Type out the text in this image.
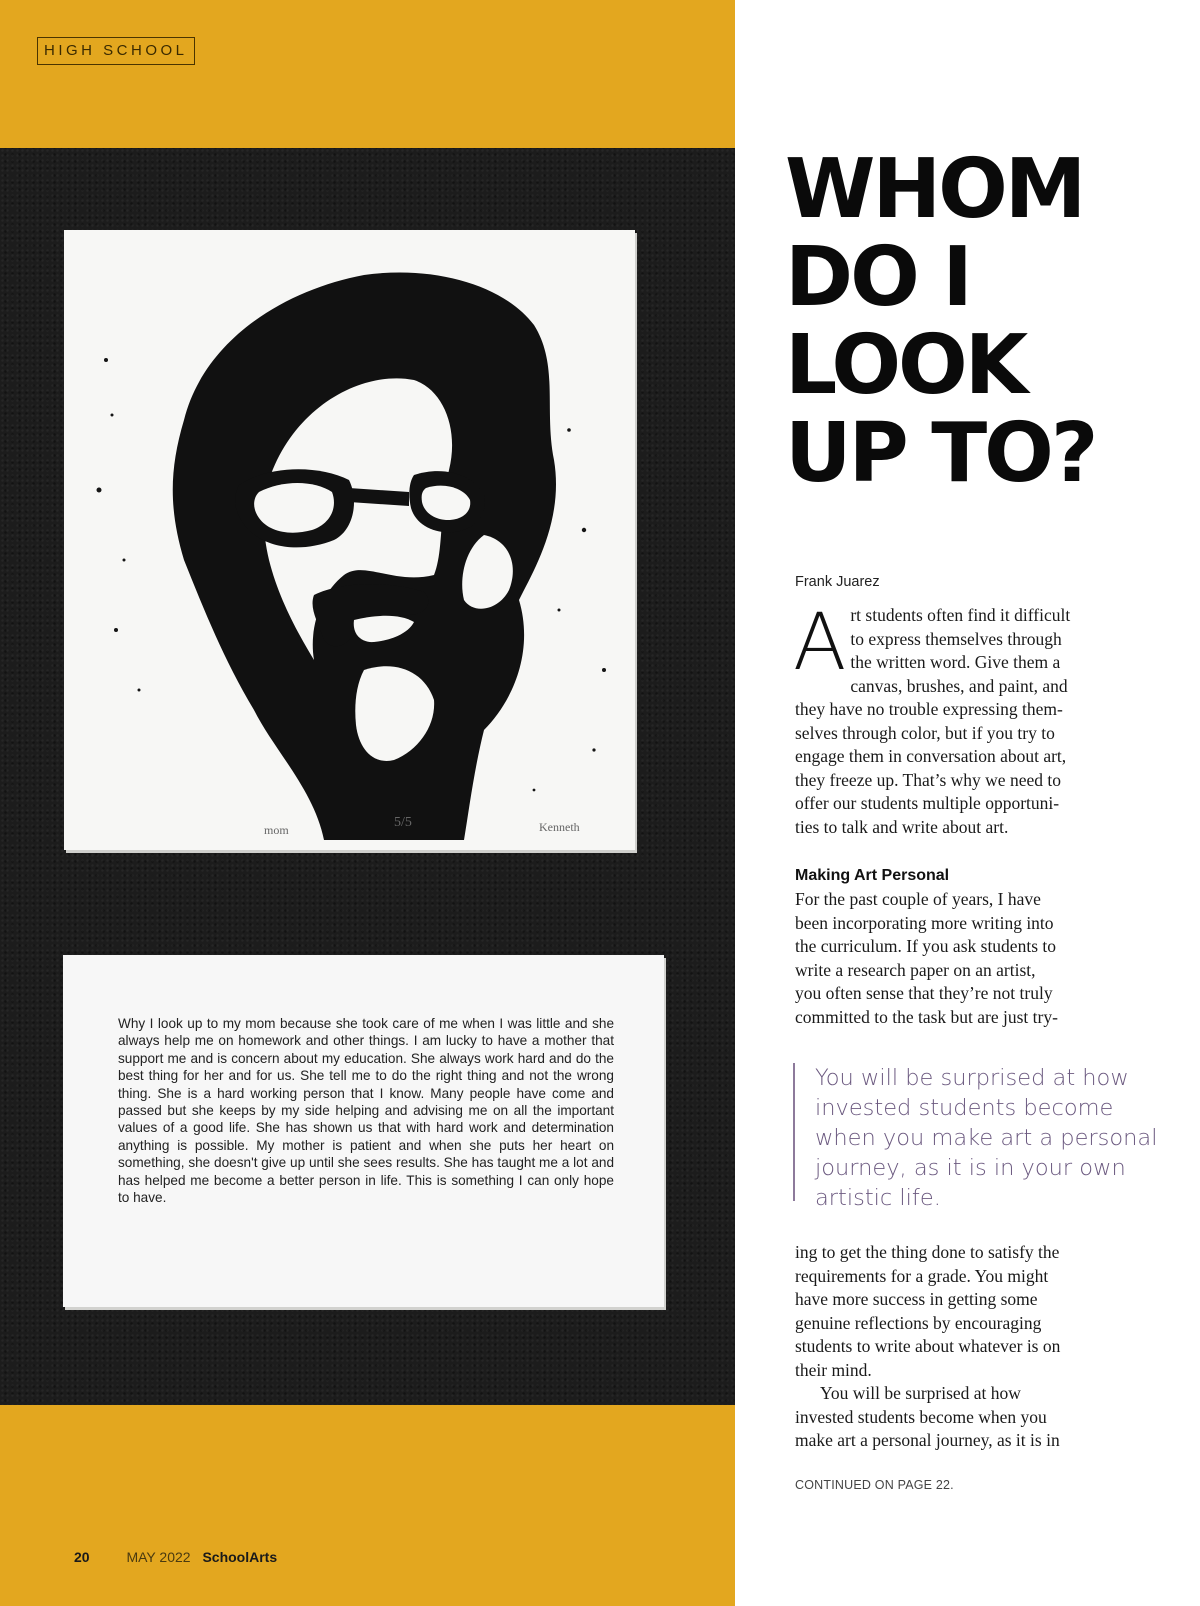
HIGH SCHOOL
mom	5/5	Kenneth

Why I look up to my mom because she took care of me when I was little and she always help me on homework and other things. I am lucky to have a mother that support me and is concern about my education. She always work hard and do the best thing for her and for us. She tell me to do the right thing and not the wrong thing. She is a hard working person that I know. Many people have come and passed but she keeps by my side helping and advising me on all the important values of a good life. She has shown us that with hard work and determination anything is possible. My mother is patient and when she puts her heart on something, she doesn't give up until she sees results. She has taught me a lot and has helped me become a better person in life. This is something I can only hope to have.

WHOM
DO I
LOOK
UP TO?
Frank Juarez
A rt students often find it difficult
to express themselves through
the written word. Give them a
canvas, brushes, and paint, and
they have no trouble expressing them-
selves through color, but if you try to
engage them in conversation about art,
they freeze up. That’s why we need to
offer our students multiple opportuni-
ties to talk and write about art.
Making Art Personal
For the past couple of years, I have
been incorporating more writing into
the curriculum. If you ask students to
write a research paper on an artist,
you often sense that they’re not truly
committed to the task but are just try-
You will be surprised at how
invested students become
when you make art a personal
journey, as it is in your own
artistic life.
ing to get the thing done to satisfy the
requirements for a grade. You might
have more success in getting some
genuine reflections by encouraging
students to write about whatever is on
their mind.
You will be surprised at how
invested students become when you
make art a personal journey, as it is in
CONTINUED ON PAGE 22.
20	MAY 2022 SchoolArts
